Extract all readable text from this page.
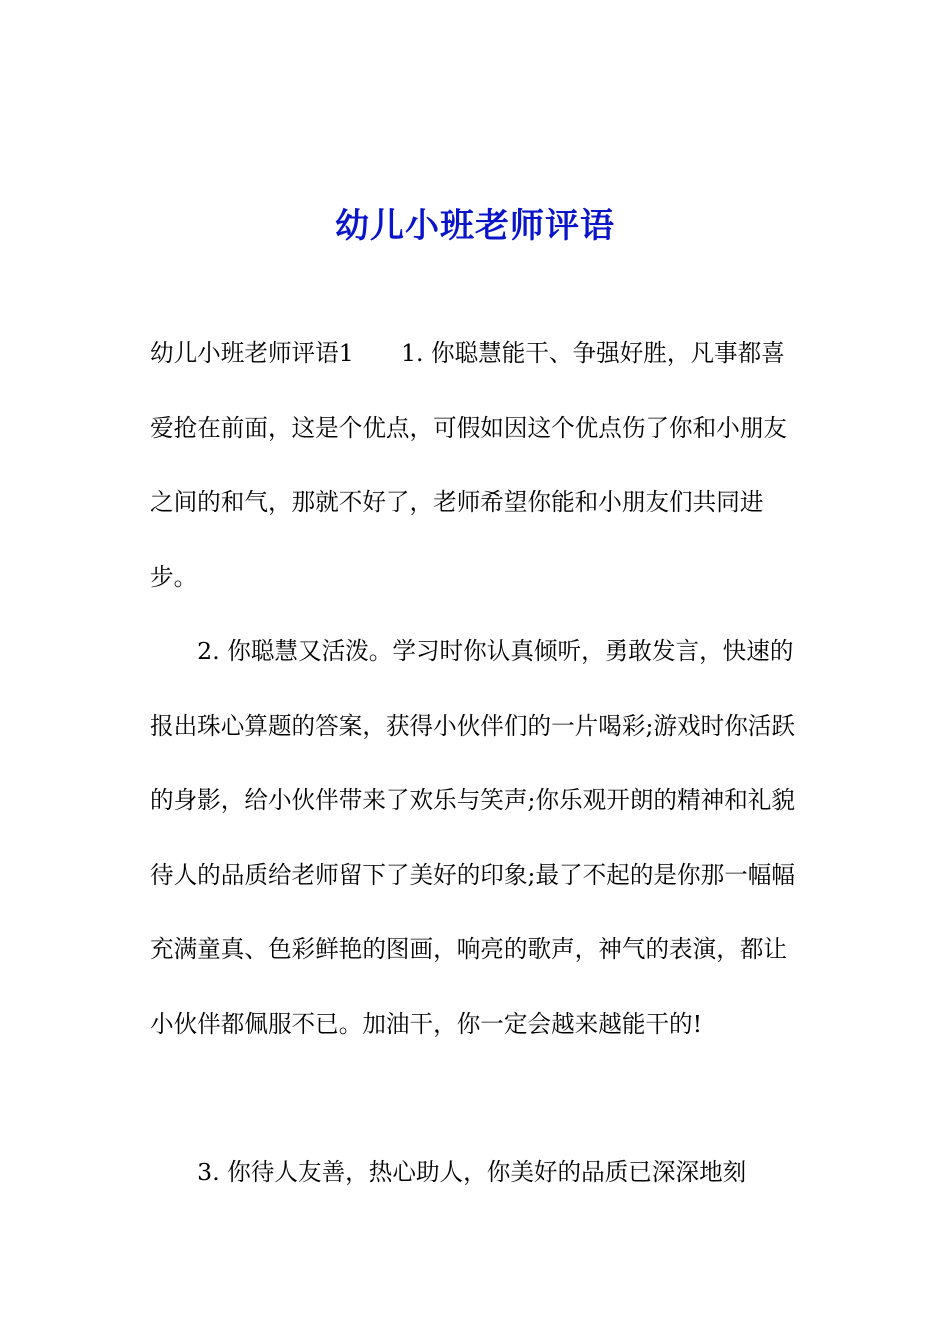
幼儿小班老师评语

幼儿小班老师评语1　　1. 你聪慧能干、争强好胜，凡事都喜爱抢在前面，这是个优点，可假如因这个优点伤了你和小朋友之间的和气，那就不好了，老师希望你能和小朋友们共同进步。

　　2. 你聪慧又活泼。学习时你认真倾听，勇敢发言，快速的报出珠心算题的答案，获得小伙伴们的一片喝彩;游戏时你活跃的身影，给小伙伴带来了欢乐与笑声;你乐观开朗的精神和礼貌待人的品质给老师留下了美好的印象;最了不起的是你那一幅幅充满童真、色彩鲜艳的图画，响亮的歌声，神气的表演，都让小伙伴都佩服不已。加油干，你一定会越来越能干的!

　　3. 你待人友善，热心助人，你美好的品质已深深地刻
